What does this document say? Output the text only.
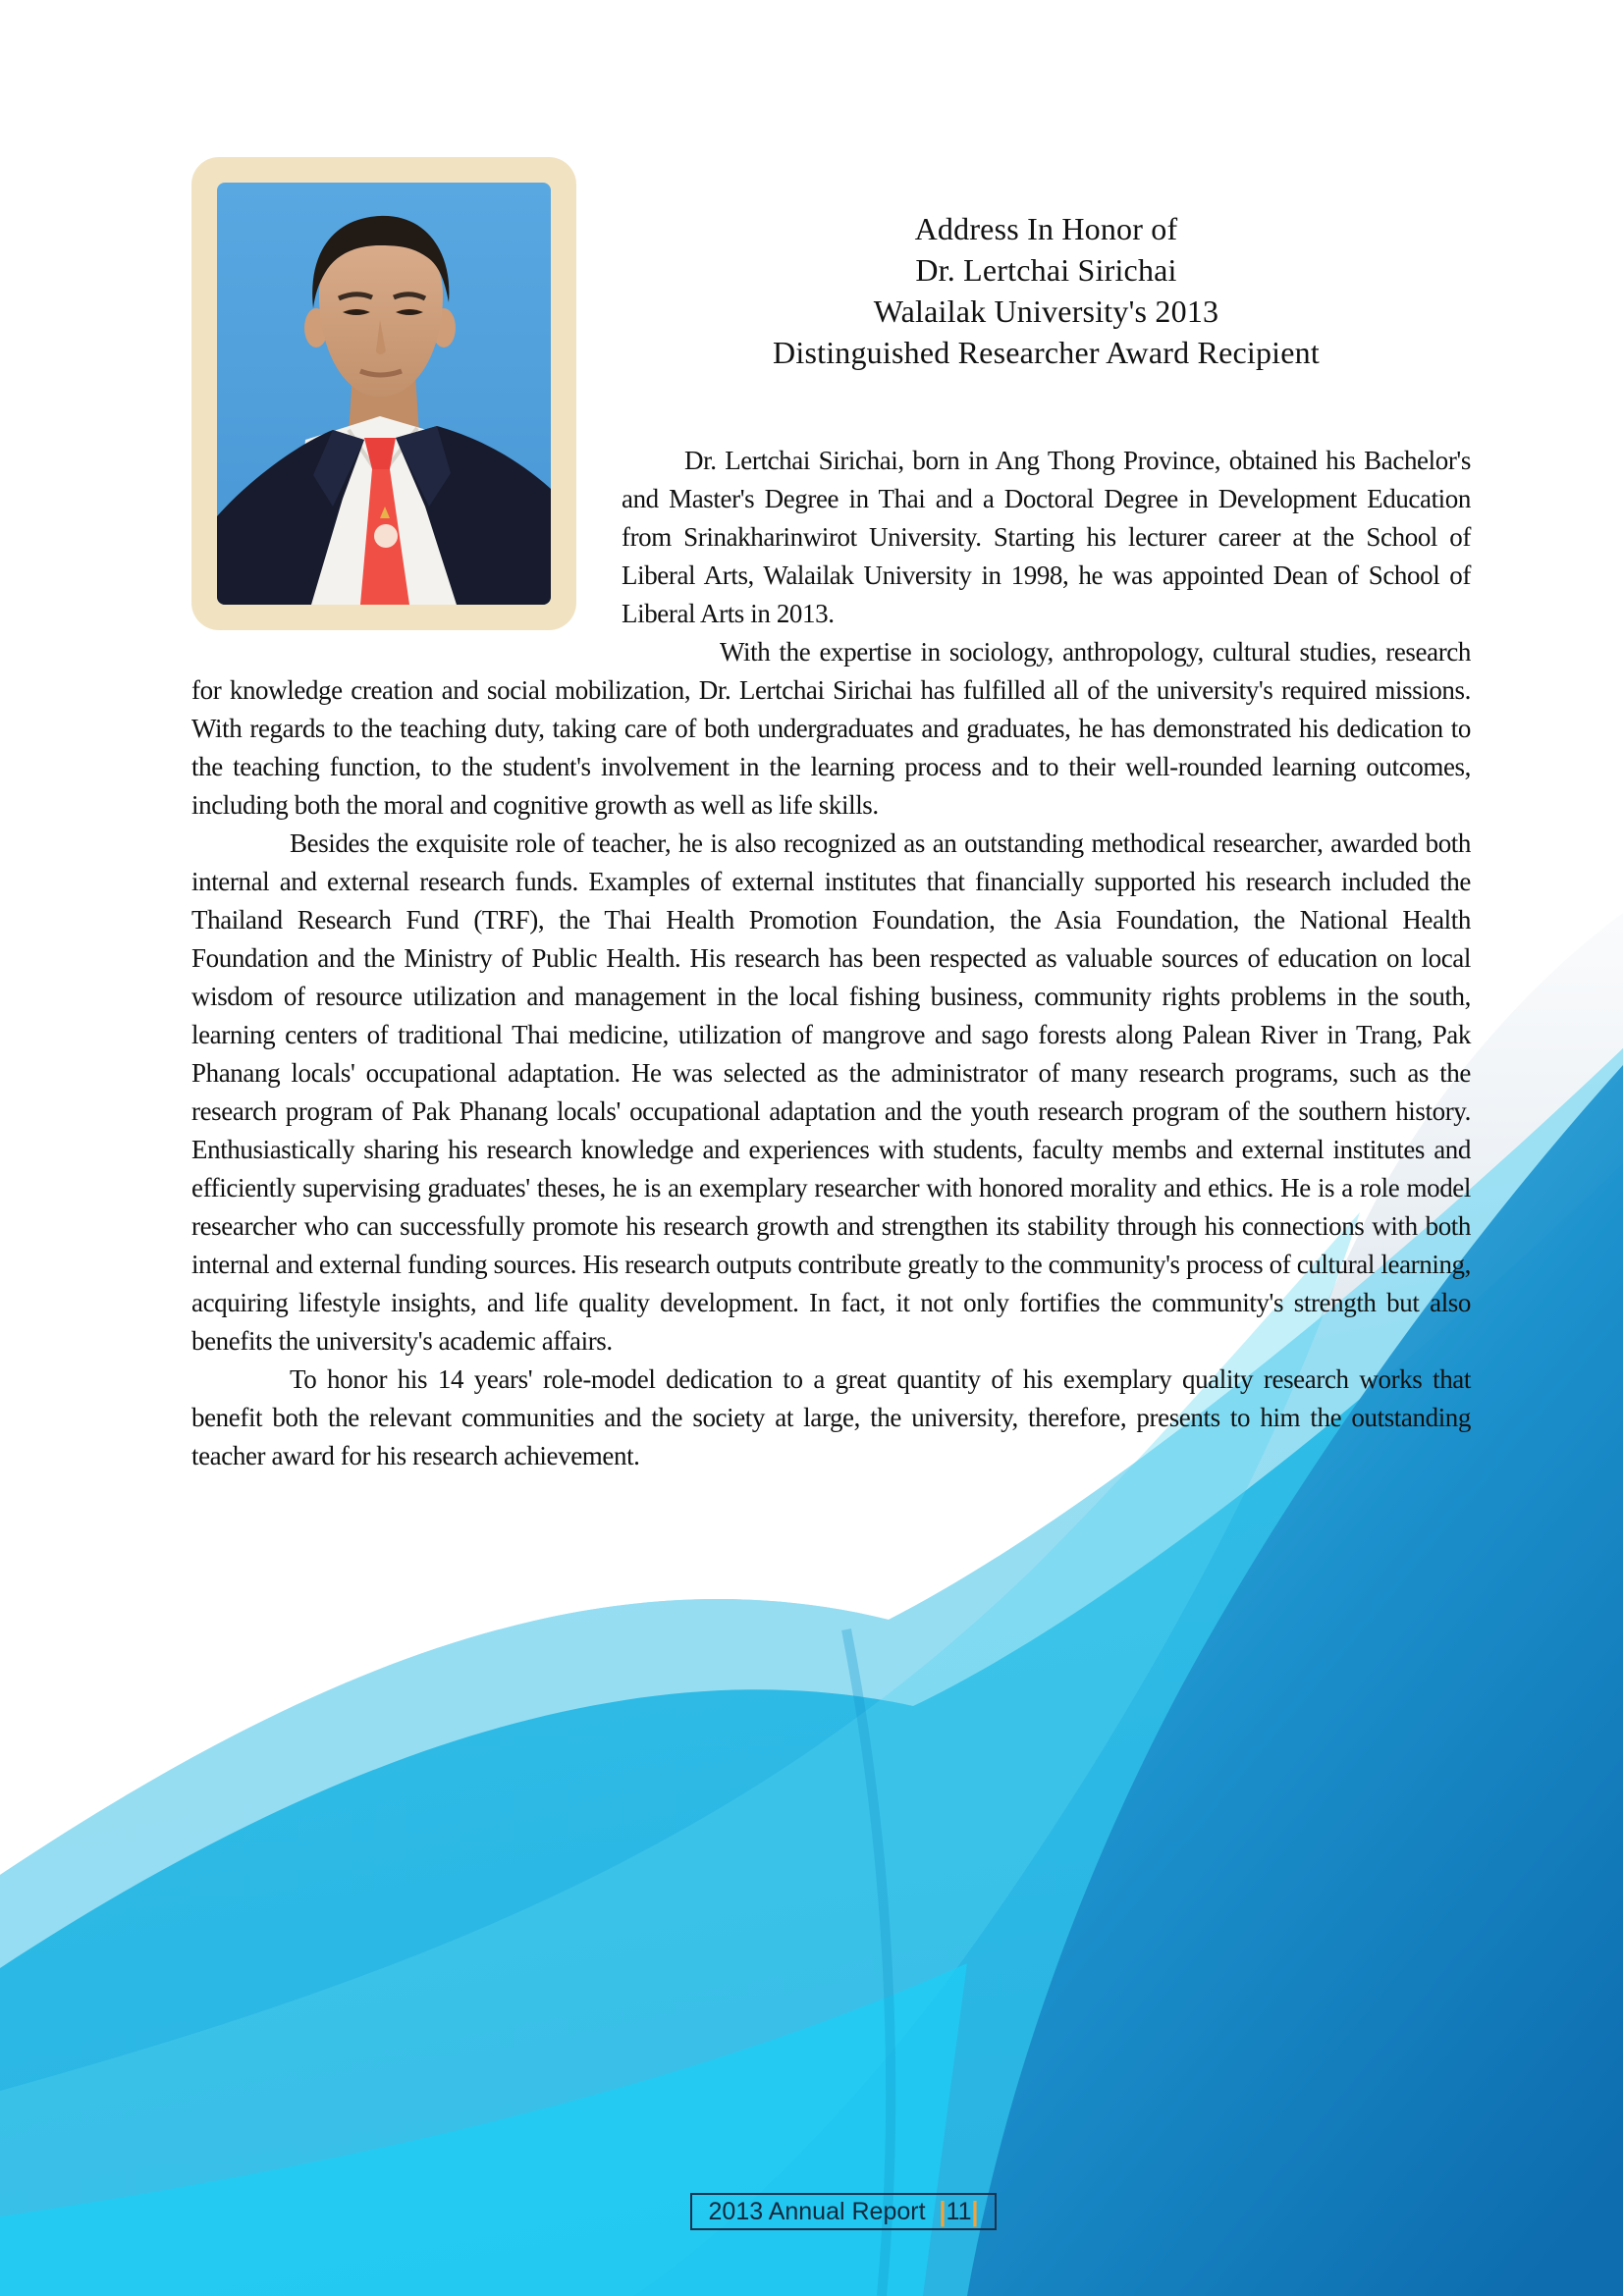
Address In Honor of
Dr. Lertchai Sirichai
Walailak University's 2013
Distinguished Researcher Award Recipient

Dr. Lertchai Sirichai, born in Ang Thong Province, obtained his Bachelor's and Master's Degree in Thai and a Doctoral Degree in Development Education from Srinakharinwirot University. Starting his lecturer career at the School of Liberal Arts, Walailak University in 1998, he was appointed Dean of School of Liberal Arts in 2013.

With the expertise in sociology, anthropology, cultural studies, research for knowledge creation and social mobilization, Dr. Lertchai Sirichai has fulfilled all of the university's required missions. With regards to the teaching duty, taking care of both undergraduates and graduates, he has demonstrated his dedication to the teaching function, to the student's involvement in the learning process and to their well-rounded learning outcomes, including both the moral and cognitive growth as well as life skills.

Besides the exquisite role of teacher, he is also recognized as an outstanding methodical researcher, awarded both internal and external research funds. Examples of external institutes that financially supported his research included the Thailand Research Fund (TRF), the Thai Health Promotion Foundation, the Asia Foundation, the National Health Foundation and the Ministry of Public Health. His research has been respected as valuable sources of education on local wisdom of resource utilization and management in the local fishing business, community rights problems in the south, learning centers of traditional Thai medicine, utilization of mangrove and sago forests along Palean River in Trang, Pak Phanang locals' occupational adaptation. He was selected as the administrator of many research programs, such as the research program of Pak Phanang locals' occupational adaptation and the youth research program of the southern history. Enthusiastically sharing his research knowledge and experiences with students, faculty membs and external institutes and efficiently supervising graduates' theses, he is an exemplary researcher with honored morality and ethics. He is a role model researcher who can successfully promote his research growth and strengthen its stability through his connections with both internal and external funding sources. His research outputs contribute greatly to the community's process of cultural learning, acquiring lifestyle insights, and life quality development. In fact, it not only fortifies the community's strength but also benefits the university's academic affairs.

To honor his 14 years' role-model dedication to a great quantity of his exemplary quality research works that benefit both the relevant communities and the society at large, the university, therefore, presents to him the outstanding teacher award for his research achievement.

2013 Annual Report | 11 |
